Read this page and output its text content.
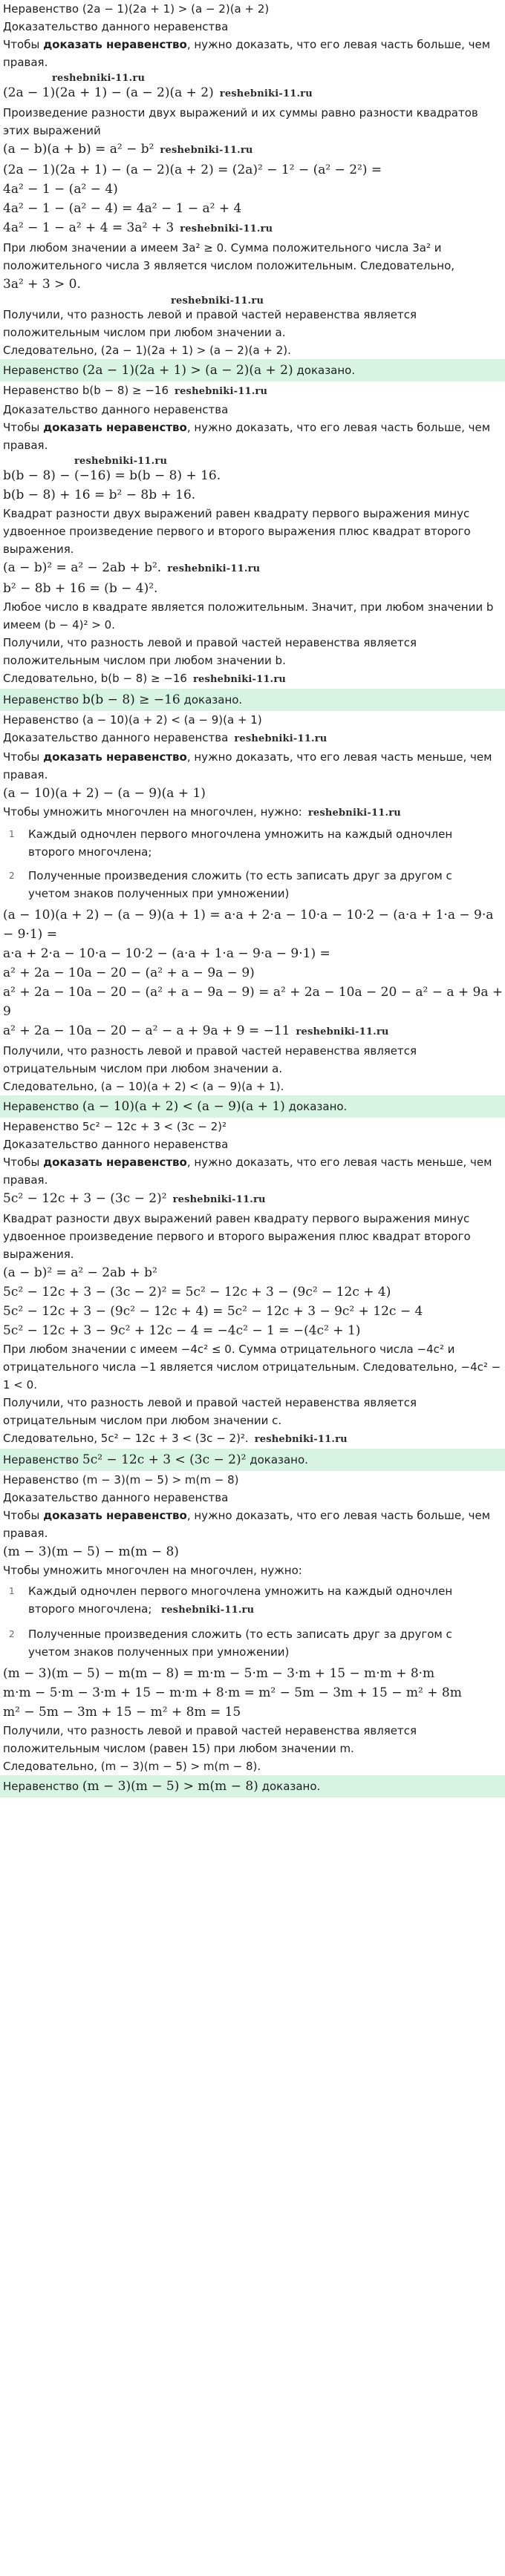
Неравенство (2a − 1)(2a + 1) > (a − 2)(a + 2)
Доказательство данного неравенства
Чтобы доказать неравенство, нужно доказать, что его левая часть больше, чем правая.
reshebniki-11.ru
(2a − 1)(2a + 1) − (a − 2)(a + 2) reshebniki-11.ru
Произведение разности двух выражений и их суммы равно разности квадратов этих выражений
(a − b)(a + b) = a² − b² reshebniki-11.ru
(2a − 1)(2a + 1) − (a − 2)(a + 2) = (2a)² − 1² − (a² − 2²) =
4a² − 1 − (a² − 4)
4a² − 1 − (a² − 4) = 4a² − 1 − a² + 4
4a² − 1 − a² + 4 = 3a² + 3 reshebniki-11.ru
При любом значении a имеем 3a² ≥ 0. Сумма положительного числа 3a² и положительного числа 3 является числом положительным. Следовательно,
3a² + 3 > 0.
reshebniki-11.ru
Получили, что разность левой и правой частей неравенства является положительным числом при любом значении a.
Следовательно, (2a − 1)(2a + 1) > (a − 2)(a + 2).
Неравенство (2a − 1)(2a + 1) > (a − 2)(a + 2) доказано.
Неравенство b(b − 8) ≥ −16 reshebniki-11.ru
Доказательство данного неравенства
Чтобы доказать неравенство, нужно доказать, что его левая часть больше, чем правая.
reshebniki-11.ru
b(b − 8) − (−16) = b(b − 8) + 16.
b(b − 8) + 16 = b² − 8b + 16.
Квадрат разности двух выражений равен квадрату первого выражения минус удвоенное произведение первого и второго выражения плюс квадрат второго выражения.
(a − b)² = a² − 2ab + b². reshebniki-11.ru
b² − 8b + 16 = (b − 4)².
Любое число в квадрате является положительным. Значит, при любом значении b имеем (b − 4)² > 0.
Получили, что разность левой и правой частей неравенства является положительным числом при любом значении b.
Следовательно, b(b − 8) ≥ −16 reshebniki-11.ru
Неравенство b(b − 8) ≥ −16 доказано.
Неравенство (a − 10)(a + 2) < (a − 9)(a + 1)
Доказательство данного неравенства reshebniki-11.ru
Чтобы доказать неравенство, нужно доказать, что его левая часть меньше, чем правая.
(a − 10)(a + 2) − (a − 9)(a + 1)
Чтобы умножить многочлен на многочлен, нужно: reshebniki-11.ru
1	Каждый одночлен первого многочлена умножить на каждый одночлен второго многочлена;
2	Полученные произведения сложить (то есть записать друг за другом с учетом знаков полученных при умножении)
(a − 10)(a + 2) − (a − 9)(a + 1) = a·a + 2·a − 10·a − 10·2 − (a·a + 1·a − 9·a − 9·1) =
a·a + 2·a − 10·a − 10·2 − (a·a + 1·a − 9·a − 9·1) =
a² + 2a − 10a − 20 − (a² + a − 9a − 9)
a² + 2a − 10a − 20 − (a² + a − 9a − 9) = a² + 2a − 10a − 20 − a² − a + 9a + 9
a² + 2a − 10a − 20 − a² − a + 9a + 9 = −11 reshebniki-11.ru
Получили, что разность левой и правой частей неравенства является отрицательным числом при любом значении a.
Следовательно, (a − 10)(a + 2) < (a − 9)(a + 1).
Неравенство (a − 10)(a + 2) < (a − 9)(a + 1) доказано.
Неравенство 5c² − 12c + 3 < (3c − 2)²
Доказательство данного неравенства
Чтобы доказать неравенство, нужно доказать, что его левая часть меньше, чем правая.
5c² − 12c + 3 − (3c − 2)² reshebniki-11.ru
Квадрат разности двух выражений равен квадрату первого выражения минус удвоенное произведение первого и второго выражения плюс квадрат второго выражения.
(a − b)² = a² − 2ab + b²
5c² − 12c + 3 − (3c − 2)² = 5c² − 12c + 3 − (9c² − 12c + 4)
5c² − 12c + 3 − (9c² − 12c + 4) = 5c² − 12c + 3 − 9c² + 12c − 4
5c² − 12c + 3 − 9c² + 12c − 4 = −4c² − 1 = −(4c² + 1)
При любом значении c имеем −4c² ≤ 0. Сумма отрицательного числа −4c² и отрицательного числа −1 является числом отрицательным. Следовательно, −4c² − 1 < 0.
Получили, что разность левой и правой частей неравенства является отрицательным числом при любом значении c.
Следовательно, 5c² − 12c + 3 < (3c − 2)². reshebniki-11.ru
Неравенство 5c² − 12c + 3 < (3c − 2)² доказано.
Неравенство (m − 3)(m − 5) > m(m − 8)
Доказательство данного неравенства
Чтобы доказать неравенство, нужно доказать, что его левая часть больше, чем правая.
(m − 3)(m − 5) − m(m − 8)
Чтобы умножить многочлен на многочлен, нужно:
1	Каждый одночлен первого многочлена умножить на каждый одночлен второго многочлена; reshebniki-11.ru
2	Полученные произведения сложить (то есть записать друг за другом с учетом знаков полученных при умножении)
(m − 3)(m − 5) − m(m − 8) = m·m − 5·m − 3·m + 15 − m·m + 8·m
m·m − 5·m − 3·m + 15 − m·m + 8·m = m² − 5m − 3m + 15 − m² + 8m
m² − 5m − 3m + 15 − m² + 8m = 15
Получили, что разность левой и правой частей неравенства является положительным числом (равен 15) при любом значении m.
Следовательно, (m − 3)(m − 5) > m(m − 8).
Неравенство (m − 3)(m − 5) > m(m − 8) доказано.
